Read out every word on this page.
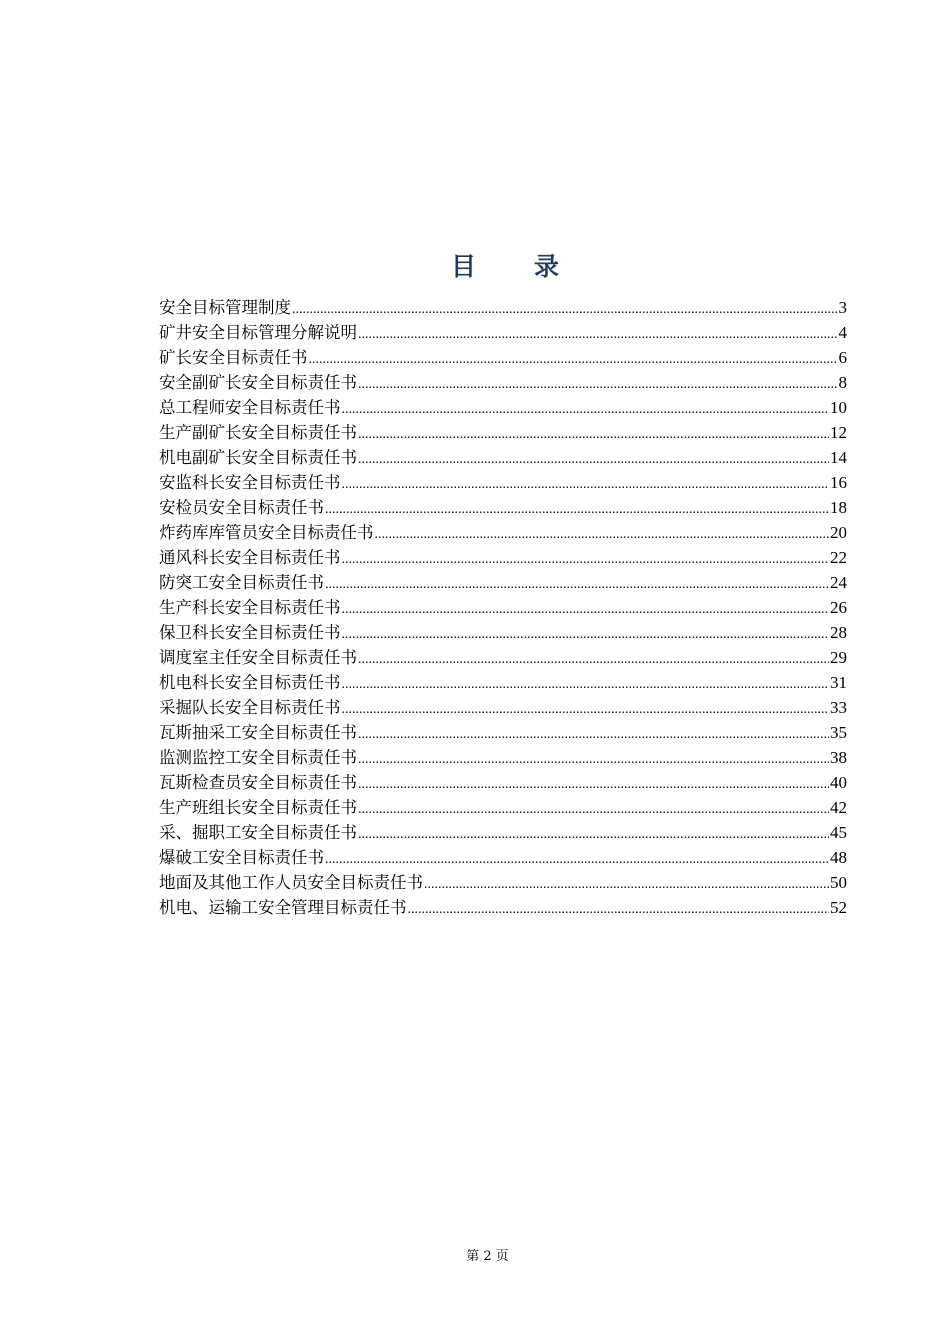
目 录
安全目标管理制度 .....	3
矿井安全目标管理分解说明 .....	4
矿长安全目标责任书 .....	6
安全副矿长安全目标责任书 .....	8
总工程师安全目标责任书 .....	10
生产副矿长安全目标责任书 .....	12
机电副矿长安全目标责任书 .....	14
安监科长安全目标责任书 .....	16
安检员安全目标责任书 .....	18
炸药库库管员安全目标责任书 .....	20
通风科长安全目标责任书 .....	22
防突工安全目标责任书 .....	24
生产科长安全目标责任书 .....	26
保卫科长安全目标责任书 .....	28
调度室主任安全目标责任书 .....	29
机电科长安全目标责任书 .....	31
采掘队长安全目标责任书 .....	33
瓦斯抽采工安全目标责任书 .....	35
监测监控工安全目标责任书 .....	38
瓦斯检查员安全目标责任书 .....	40
生产班组长安全目标责任书 .....	42
采、掘职工安全目标责任书 .....	45
爆破工安全目标责任书 .....	48
地面及其他工作人员安全目标责任书 .....	50
机电、运输工安全管理目标责任书 .....	52
第 2 页
